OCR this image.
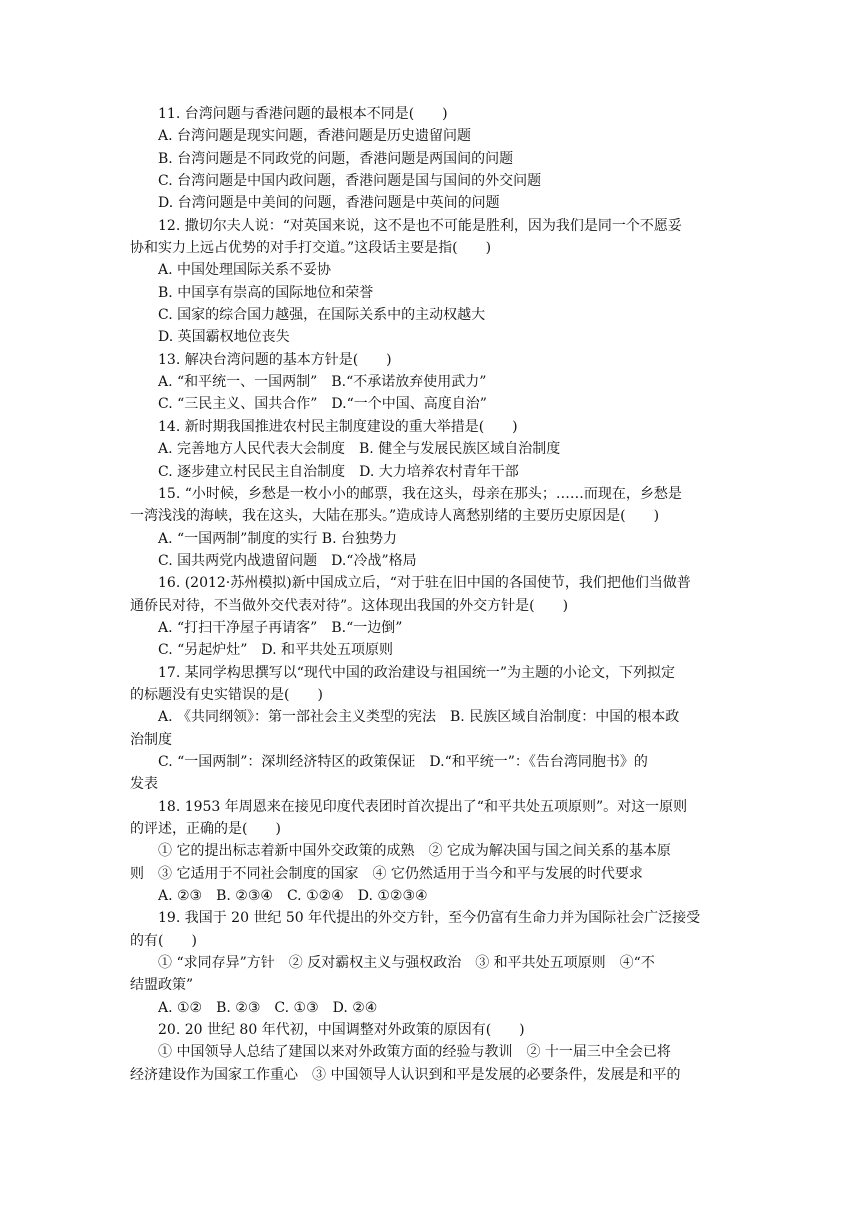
11. 台湾问题与香港问题的最根本不同是(　　)
A. 台湾问题是现实问题，香港问题是历史遗留问题
B. 台湾问题是不同政党的问题，香港问题是两国间的问题
C. 台湾问题是中国内政问题，香港问题是国与国间的外交问题
D. 台湾问题是中美间的问题，香港问题是中英间的问题
12. 撒切尔夫人说：“对英国来说，这不是也不可能是胜利，因为我们是同一个不愿妥
协和实力上远占优势的对手打交道。”这段话主要是指(　　)
A. 中国处理国际关系不妥协
B. 中国享有崇高的国际地位和荣誉
C. 国家的综合国力越强，在国际关系中的主动权越大
D. 英国霸权地位丧失
13. 解决台湾问题的基本方针是(　　)
A. “和平统一、一国两制”　B.“不承诺放弃使用武力”
C. “三民主义、国共合作”　D.“一个中国、高度自治”
14. 新时期我国推进农村民主制度建设的重大举措是(　　)
A. 完善地方人民代表大会制度　B. 健全与发展民族区域自治制度
C. 逐步建立村民民主自治制度　D. 大力培养农村青年干部
15. “小时候，乡愁是一枚小小的邮票，我在这头，母亲在那头；……而现在，乡愁是
一湾浅浅的海峡，我在这头，大陆在那头。”造成诗人离愁别绪的主要历史原因是(　　)
A. “一国两制”制度的实行 B. 台独势力
C. 国共两党内战遗留问题　D.“冷战”格局
16. (2012·苏州模拟)新中国成立后，“对于驻在旧中国的各国使节，我们把他们当做普
通侨民对待，不当做外交代表对待”。这体现出我国的外交方针是(　　)
A. “打扫干净屋子再请客”　B.“一边倒”
C. “另起炉灶”　D. 和平共处五项原则
17. 某同学构思撰写以“现代中国的政治建设与祖国统一”为主题的小论文，下列拟定
的标题没有史实错误的是(　　)
A. 《共同纲领》：第一部社会主义类型的宪法　B. 民族区域自治制度：中国的根本政
治制度
C. “一国两制”：深圳经济特区的政策保证　D.“和平统一”：《告台湾同胞书》的
发表
18. 1953 年周恩来在接见印度代表团时首次提出了“和平共处五项原则”。对这一原则
的评述，正确的是(　　)
① 它的提出标志着新中国外交政策的成熟　② 它成为解决国与国之间关系的基本原
则　③ 它适用于不同社会制度的国家　④ 它仍然适用于当今和平与发展的时代要求
A. ②③　B. ②③④　C. ①②④　D. ①②③④
19. 我国于 20 世纪 50 年代提出的外交方针，至今仍富有生命力并为国际社会广泛接受
的有(　　)
① “求同存异”方针　② 反对霸权主义与强权政治　③ 和平共处五项原则　④“不
结盟政策”
A. ①②　B. ②③　C. ①③　D. ②④
20. 20 世纪 80 年代初，中国调整对外政策的原因有(　　)
① 中国领导人总结了建国以来对外政策方面的经验与教训　② 十一届三中全会已将
经济建设作为国家工作重心　③ 中国领导人认识到和平是发展的必要条件，发展是和平的
